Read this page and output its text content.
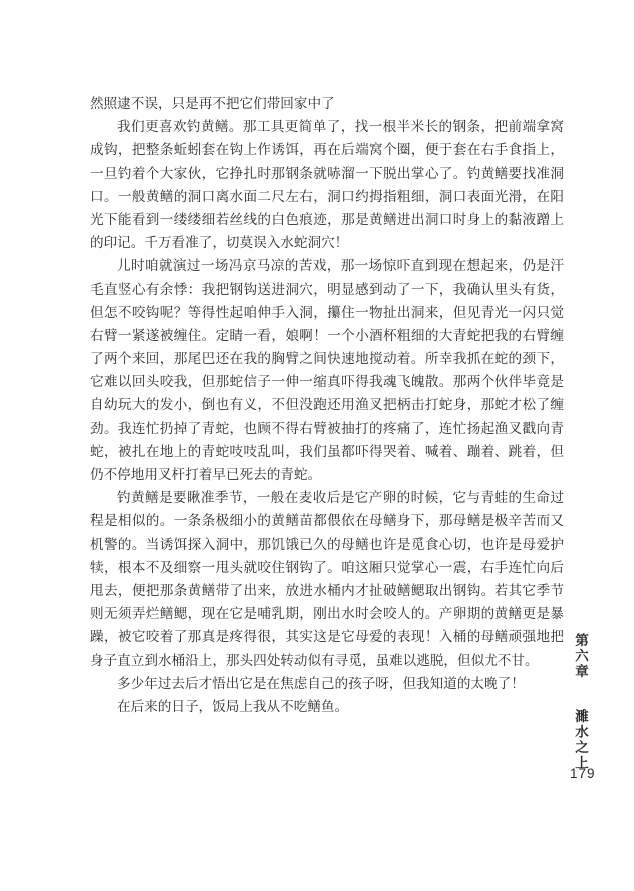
然照逮不误，只是再不把它们带回家中了
我们更喜欢钓黄鳝。那工具更简单了，找一根半米长的钢条，把前端拿窝
成钩，把整条蚯蚓套在钩上作诱饵，再在后端窝个圈，便于套在右手食指上，
一旦钓着个大家伙，它挣扎时那钢条就哧溜一下脱出掌心了。钓黄鳝要找准洞
口。一般黄鳝的洞口离水面二尺左右，洞口约拇指粗细，洞口表面光滑，在阳
光下能看到一缕缕细若丝线的白色痕迹，那是黄鳝进出洞口时身上的黏液蹭上
的印记。千万看准了，切莫误入水蛇洞穴！
儿时咱就演过一场冯京马凉的苦戏，那一场惊吓直到现在想起来，仍是汗
毛直竖心有余悸：我把钢钩送进洞穴，明显感到动了一下，我确认里头有货，
但怎不咬钩呢？等得性起咱伸手入洞，攥住一物扯出洞来，但见青光一闪只觉
右臂一紧遂被缠住。定睛一看，娘啊！一个小酒杯粗细的大青蛇把我的右臂缠
了两个来回，那尾巴还在我的胸臂之间快速地搅动着。所幸我抓在蛇的颈下，
它难以回头咬我，但那蛇信子一伸一缩真吓得我魂飞魄散。那两个伙伴毕竟是
自幼玩大的发小，倒也有义，不但没跑还用渔叉把柄击打蛇身，那蛇才松了缠
劲。我连忙扔掉了青蛇，也顾不得右臂被抽打的疼痛了，连忙扬起渔叉戳向青
蛇，被扎在地上的青蛇吱吱乱叫，我们虽都吓得哭着、喊着、蹦着、跳着，但
仍不停地用叉杆打着早已死去的青蛇。
钓黄鳝是要瞅准季节，一般在麦收后是它产卵的时候，它与青蛙的生命过
程是相似的。一条条极细小的黄鳝苗都偎依在母鳝身下，那母鳝是极辛苦而又
机警的。当诱饵探入洞中，那饥饿已久的母鳝也许是觅食心切，也许是母爱护
犊，根本不及细察一甩头就咬住钢钩了。咱这厢只觉掌心一震，右手连忙向后
甩去，便把那条黄鳝带了出来，放进水桶内才扯破鳝鳃取出钢钩。若其它季节
则无须弄烂鳝鳃，现在它是哺乳期，刚出水时会咬人的。产卵期的黄鳝更是暴
躁，被它咬着了那真是疼得很，其实这是它母爱的表现！入桶的母鳝顽强地把
身子直立到水桶沿上，那头四处转动似有寻觅，虽难以逃脱，但似尤不甘。
多少年过去后才悟出它是在焦虑自己的孩子呀，但我知道的太晚了！
在后来的日子，饭局上我从不吃鳝鱼。
第六章 濉水之上
179
